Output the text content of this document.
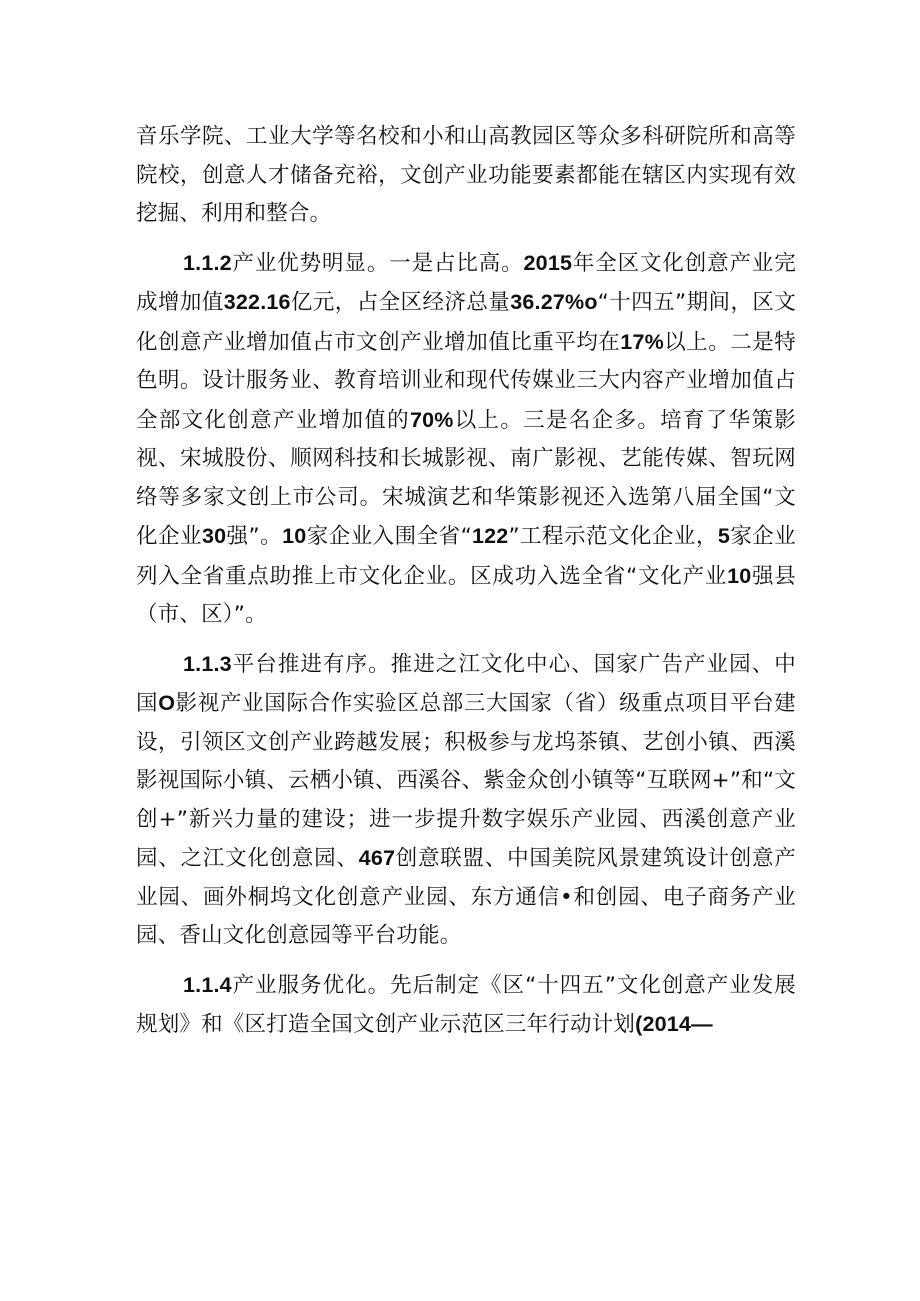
音乐学院、工业大学等名校和小和山高教园区等众多科研院所和高等院校，创意人才储备充裕，文创产业功能要素都能在辖区内实现有效挖掘、利用和整合。

1.1.2产业优势明显。一是占比高。2015年全区文化创意产业完成增加值322.16亿元，占全区经济总量36.27%o“十四五”期间，区文化创意产业增加值占市文创产业增加值比重平均在17%以上。二是特色明。设计服务业、教育培训业和现代传媒业三大内容产业增加值占全部文化创意产业增加值的70%以上。三是名企多。培育了华策影视、宋城股份、顺网科技和长城影视、南广影视、艺能传媒、智玩网络等多家文创上市公司。宋城演艺和华策影视还入选第八届全国“文化企业30强”。10家企业入围全省“122”工程示范文化企业，5家企业列入全省重点助推上市文化企业。区成功入选全省“文化产业10强县（市、区）”。

1.1.3平台推进有序。推进之江文化中心、国家广告产业园、中国O影视产业国际合作实验区总部三大国家（省）级重点项目平台建设，引领区文创产业跨越发展；积极参与龙坞茶镇、艺创小镇、西溪影视国际小镇、云栖小镇、西溪谷、紫金众创小镇等“互联网+”和“文创+”新兴力量的建设；进一步提升数字娱乐产业园、西溪创意产业园、之江文化创意园、467创意联盟、中国美院风景建筑设计创意产业园、画外桐坞文化创意产业园、东方通信•和创园、电子商务产业园、香山文化创意园等平台功能。

1.1.4产业服务优化。先后制定《区“十四五”文化创意产业发展规划》和《区打造全国文创产业示范区三年行动计划(2014—
